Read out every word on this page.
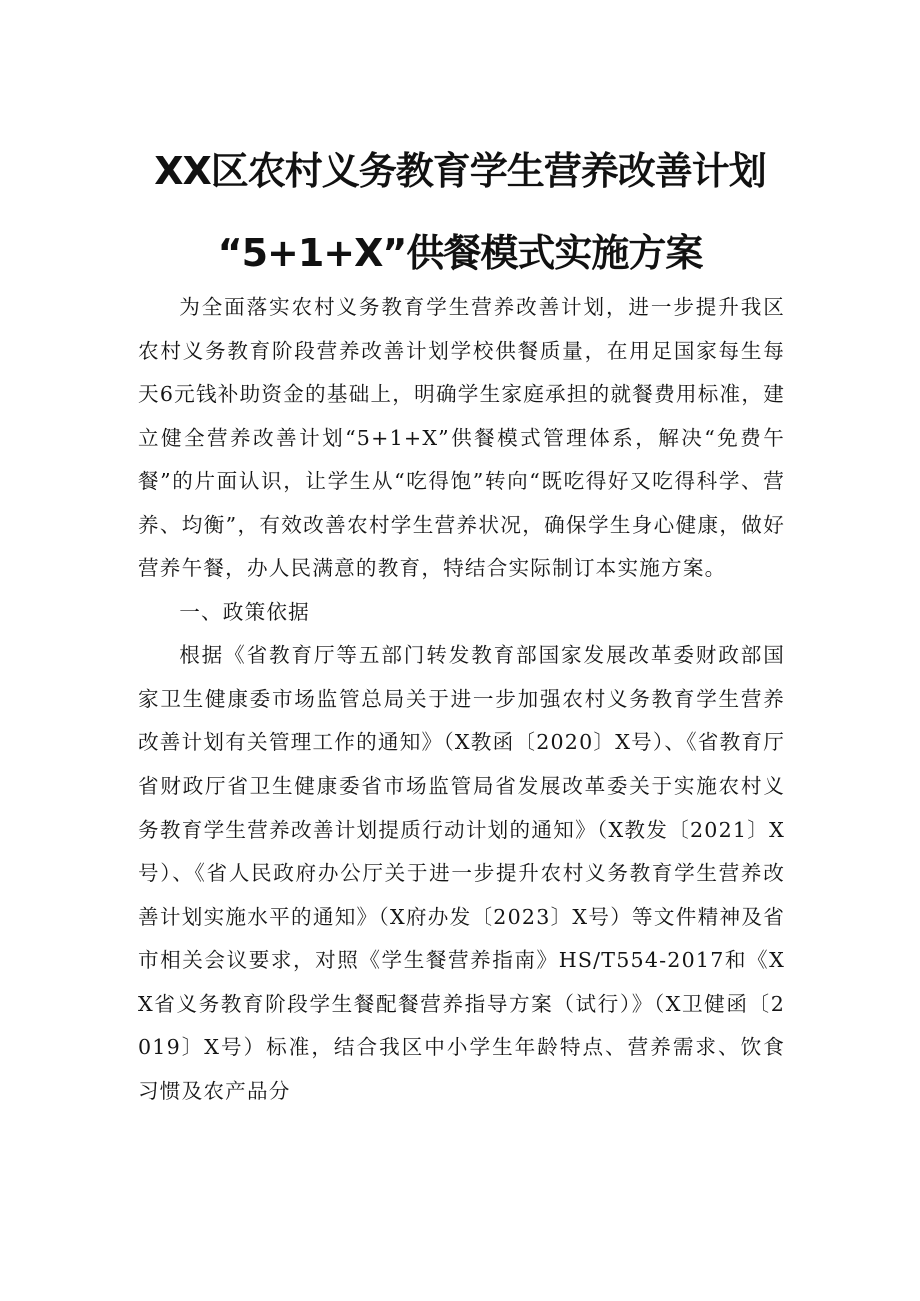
XX区农村义务教育学生营养改善计划
“5+1+X”供餐模式实施方案

为全面落实农村义务教育学生营养改善计划，进一步提升我区农村义务教育阶段营养改善计划学校供餐质量，在用足国家每生每天6元钱补助资金的基础上，明确学生家庭承担的就餐费用标准，建立健全营养改善计划“5+1+X”供餐模式管理体系，解决“免费午餐”的片面认识，让学生从“吃得饱”转向“既吃得好又吃得科学、营养、均衡”，有效改善农村学生营养状况，确保学生身心健康，做好营养午餐，办人民满意的教育，特结合实际制订本实施方案。

一、政策依据

根据《省教育厅等五部门转发教育部国家发展改革委财政部国家卫生健康委市场监管总局关于进一步加强农村义务教育学生营养改善计划有关管理工作的通知》（X教函〔2020〕X号）、《省教育厅省财政厅省卫生健康委省市场监管局省发展改革委关于实施农村义务教育学生营养改善计划提质行动计划的通知》（X教发〔2021〕X号）、《省人民政府办公厅关于进一步提升农村义务教育学生营养改善计划实施水平的通知》（X府办发〔2023〕X号）等文件精神及省市相关会议要求，对照《学生餐营养指南》HS/T554-2017和《XX省义务教育阶段学生餐配餐营养指导方案（试行）》（X卫健函〔2019〕X号）标准，结合我区中小学生年龄特点、营养需求、饮食习惯及农产品分
